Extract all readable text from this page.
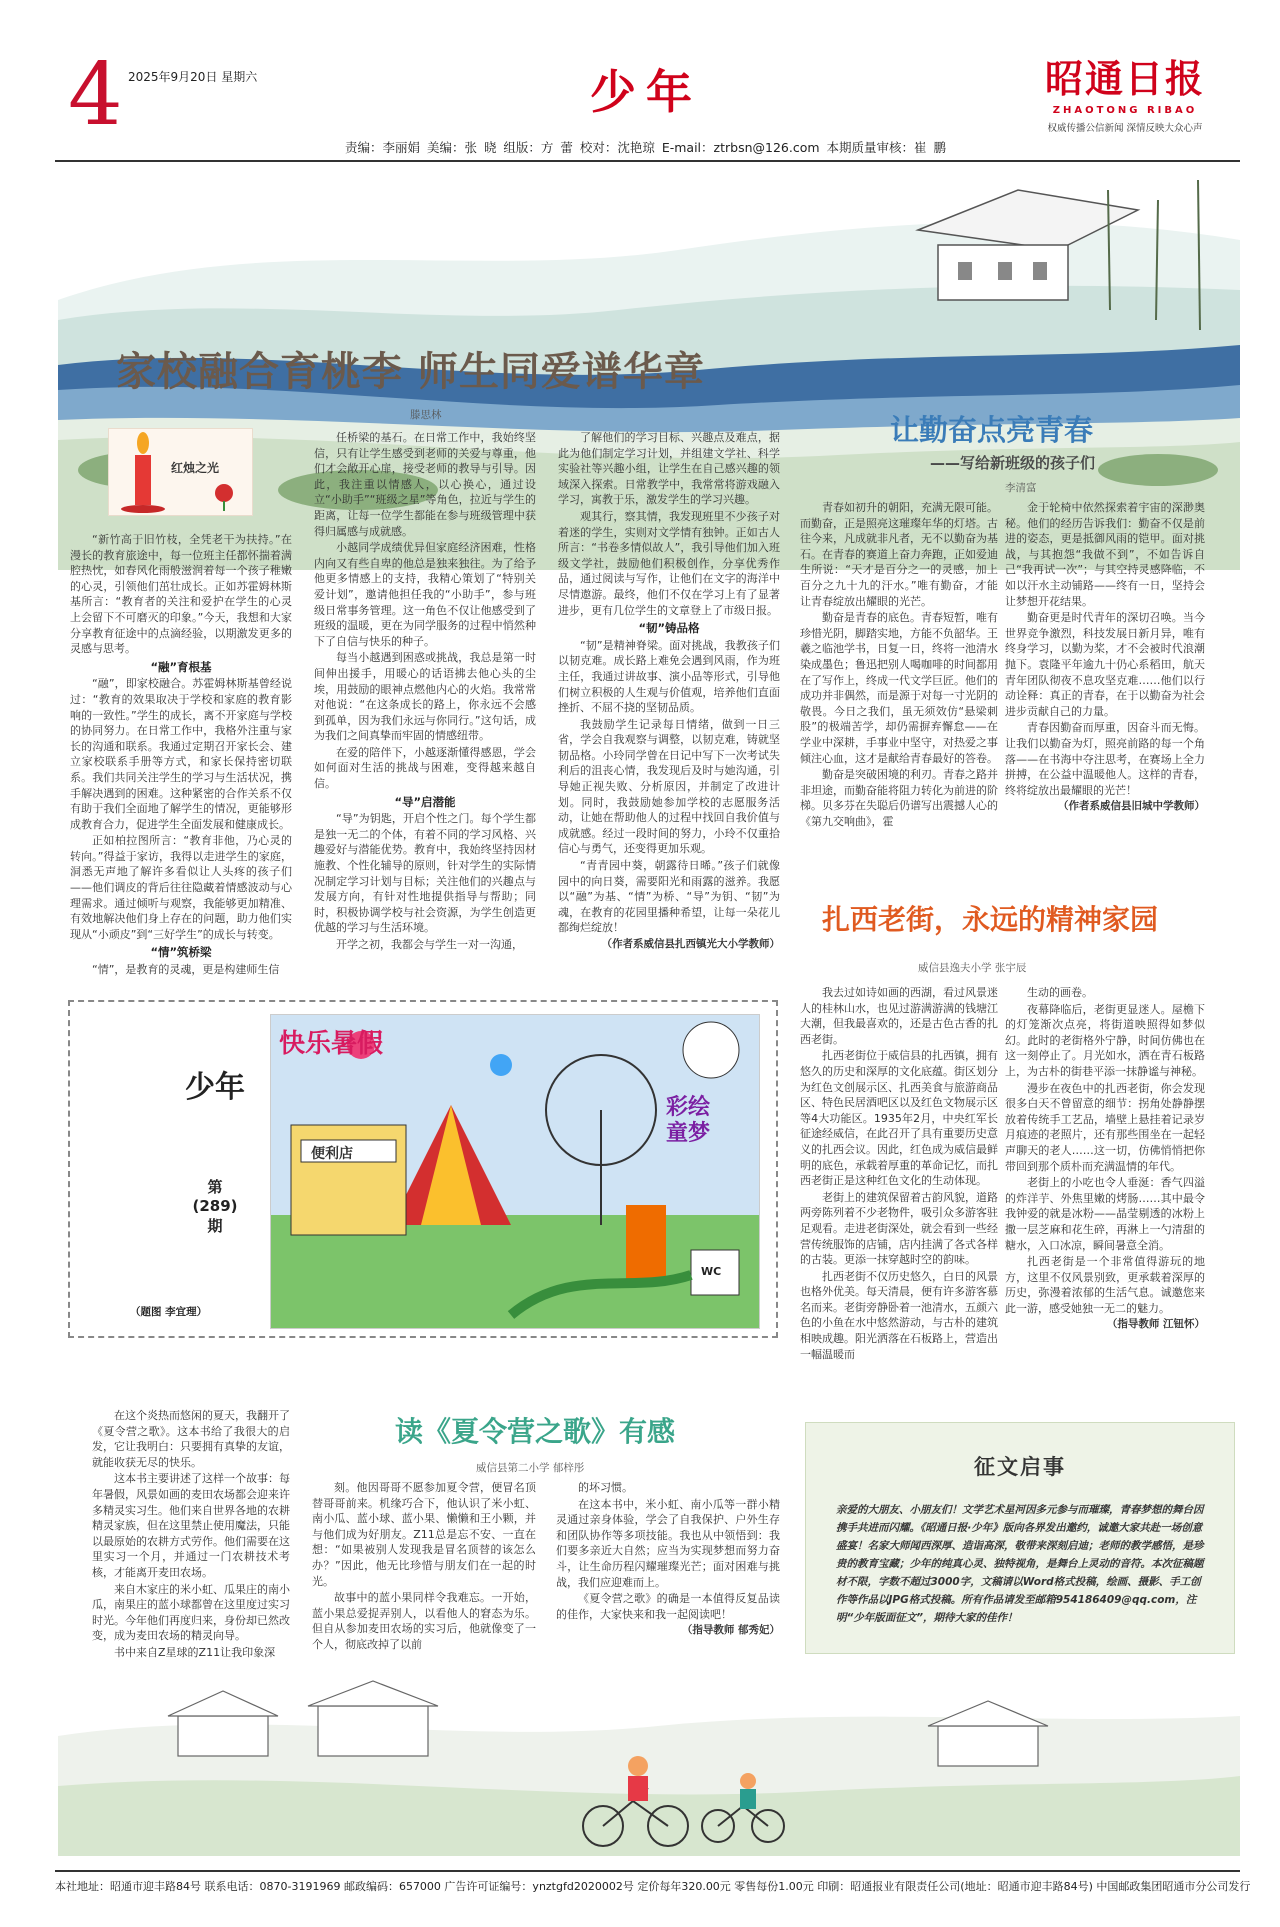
4 2025年9月20日 星期六	少年	昭通日报
ZHAOTONG RIBAO
权威传播公信新闻 深情反映大众心声
责编：李丽娟 美编：张 晓 组版：方 蕾 校对：沈艳琼 E-mail：ztrbsn@126.com 本期质量审核：崔 鹏
家校融合育桃李 师生同爱谱华章
滕思林
红烛之光

“新竹高于旧竹枝，全凭老干为扶持。”在漫长的教育旅途中，每一位班主任都怀揣着满腔热忱，如春风化雨般滋润着每一个孩子稚嫩的心灵，引领他们茁壮成长。正如苏霍姆林斯基所言：“教育者的关注和爱护在学生的心灵上会留下不可磨灭的印象。”今天，我想和大家分享教育征途中的点滴经验，以期激发更多的灵感与思考。

“融”育根基

“融”，即家校融合。苏霍姆林斯基曾经说过：“教育的效果取决于学校和家庭的教育影响的一致性。”学生的成长，离不开家庭与学校的协同努力。在日常工作中，我格外注重与家长的沟通和联系。我通过定期召开家长会、建立家校联系手册等方式，和家长保持密切联系。我们共同关注学生的学习与生活状况，携手解决遇到的困难。这种紧密的合作关系不仅有助于我们全面地了解学生的情况，更能够形成教育合力，促进学生全面发展和健康成长。

正如柏拉图所言：“教育非他，乃心灵的转向。”得益于家访，我得以走进学生的家庭，洞悉无声地了解许多看似让人头疼的孩子们——他们调皮的背后往往隐藏着情感波动与心理需求。通过倾听与观察，我能够更加精准、有效地解决他们身上存在的问题，助力他们实现从“小顽皮”到“三好学生”的成长与转变。

“情”筑桥梁

“情”，是教育的灵魂，更是构建师生信

任桥梁的基石。在日常工作中，我始终坚信，只有让学生感受到老师的关爱与尊重，他们才会敞开心扉，接受老师的教导与引导。因此，我注重以情感人，以心换心，通过设立“小助手”“班级之星”等角色，拉近与学生的距离，让每一位学生都能在参与班级管理中获得归属感与成就感。

小越同学成绩优异但家庭经济困难，性格内向又有些自卑的他总是独来独往。为了给予他更多情感上的支持，我精心策划了“特别关爱计划”，邀请他担任我的“小助手”，参与班级日常事务管理。这一角色不仅让他感受到了班级的温暖，更在为同学服务的过程中悄然种下了自信与快乐的种子。

每当小越遇到困惑或挑战，我总是第一时间伸出援手，用暖心的话语拂去他心头的尘埃，用鼓励的眼神点燃他内心的火焰。我常常对他说：“在这条成长的路上，你永远不会感到孤单，因为我们永远与你同行。”这句话，成为我们之间真挚而牢固的情感纽带。

在爱的陪伴下，小越逐渐懂得感恩，学会如何面对生活的挑战与困难，变得越来越自信。

“导”启潜能

“导”为钥匙，开启个性之门。每个学生都是独一无二的个体，有着不同的学习风格、兴趣爱好与潜能优势。教育中，我始终坚持因材施教、个性化辅导的原则，针对学生的实际情况制定学习计划与目标；关注他们的兴趣点与发展方向，有针对性地提供指导与帮助；同时，积极协调学校与社会资源，为学生创造更优越的学习与生活环境。

开学之初，我都会与学生一对一沟通，

了解他们的学习目标、兴趣点及难点，据此为他们制定学习计划，并组建文学社、科学实验社等兴趣小组，让学生在自己感兴趣的领域深入探索。日常教学中，我常常将游戏融入学习，寓教于乐，激发学生的学习兴趣。

观其行，察其情，我发现班里不少孩子对着迷的学生，实则对文学情有独钟。正如古人所言：“书卷多情似故人”，我引导他们加入班级文学社，鼓励他们积极创作，分享优秀作品，通过阅读与写作，让他们在文字的海洋中尽情遨游。最终，他们不仅在学习上有了显著进步，更有几位学生的文章登上了市级日报。

“韧”铸品格

“韧”是精神脊梁。面对挑战，我教孩子们以韧克难。成长路上难免会遇到风雨，作为班主任，我通过讲故事、演小品等形式，引导他们树立积极的人生观与价值观，培养他们直面挫折、不屈不挠的坚韧品质。

我鼓励学生记录每日情绪，做到一日三省，学会自我观察与调整，以韧克难，铸就坚韧品格。小玲同学曾在日记中写下一次考试失利后的沮丧心情，我发现后及时与她沟通，引导她正视失败、分析原因，并制定了改进计划。同时，我鼓励她参加学校的志愿服务活动，让她在帮助他人的过程中找回自我价值与成就感。经过一段时间的努力，小玲不仅重拾信心与勇气，还变得更加乐观。

“青青园中葵，朝露待日晞。”孩子们就像园中的向日葵，需要阳光和雨露的滋养。我愿以“融”为基、“情”为桥、“导”为钥、“韧”为魂，在教育的花园里播种希望，让每一朵花儿都绚烂绽放！

（作者系威信县扎西镇光大小学教师）

让勤奋点亮青春
——写给新班级的孩子们
李清富

青春如初升的朝阳，充满无限可能。而勤奋，正是照亮这璀璨年华的灯塔。古往今来，凡成就非凡者，无不以勤奋为基石。在青春的赛道上奋力奔跑，正如爱迪生所说：“天才是百分之一的灵感，加上百分之九十九的汗水。”唯有勤奋，才能让青春绽放出耀眼的光芒。

勤奋是青春的底色。青春短暂，唯有珍惜光阴，脚踏实地，方能不负韶华。王羲之临池学书，日复一日，终将一池清水染成墨色；鲁迅把别人喝咖啡的时间都用在了写作上，终成一代文学巨匠。他们的成功并非偶然，而是源于对每一寸光阴的敬畏。今日之我们，虽无须效仿“悬梁刺股”的极端苦学，却仍需摒弃懈怠——在学业中深耕，手事业中坚守，对热爱之事倾注心血，这才是献给青春最好的答卷。

勤奋是突破困境的利刃。青春之路并非坦途，而勤奋能将阻力转化为前进的阶梯。贝多芬在失聪后仍谱写出震撼人心的《第九交响曲》，霍

金于轮椅中依然探索着宇宙的深渺奥秘。他们的经历告诉我们：勤奋不仅是前进的姿态，更是抵御风雨的铠甲。面对挑战，与其抱怨“我做不到”，不如告诉自己“我再试一次”；与其空持灵感降临，不如以汗水主动铺路——终有一日，坚持会让梦想开花结果。

勤奋更是时代青年的深切召唤。当今世界竞争激烈，科技发展日新月异，唯有终身学习，以勤为桨，才不会被时代浪潮抛下。袁隆平年逾九十仍心系稻田，航天青年团队彻夜不息攻坚克难……他们以行动诠释：真正的青春，在于以勤奋为社会进步贡献自己的力量。

青春因勤奋而厚重，因奋斗而无悔。让我们以勤奋为灯，照亮前路的每一个角落——在书海中夺注思考，在赛场上全力拼搏，在公益中温暖他人。这样的青春，终将绽放出最耀眼的光芒！

（作者系威信县旧城中学教师）

少年
第
(289)
期
（题图 李宜理）
快乐暑假
彩绘童梦
便利店
WC
扎西老街，永远的精神家园
威信县逸夫小学 张宇辰

我去过如诗如画的西湖，看过风景迷人的桂林山水，也见过游满游满的钱塘江大潮，但我最喜欢的，还是古色古香的扎西老街。

扎西老街位于威信县的扎西镇，拥有悠久的历史和深厚的文化底蕴。街区划分为红色文创展示区、扎西美食与旅游商品区、特色民居酒吧区以及红色文物展示区等4大功能区。1935年2月，中央红军长征途经威信，在此召开了具有重要历史意义的扎西会议。因此，红色成为威信最鲜明的底色，承载着厚重的革命记忆，而扎西老街正是这种红色文化的生动体现。

老街上的建筑保留着古韵风貌，道路两旁陈列着不少老物件，吸引众多游客驻足观看。走进老街深处，就会看到一些经营传统服饰的店铺，店内挂满了各式各样的古装。更添一抹穿越时空的韵味。

扎西老街不仅历史悠久，白日的风景也格外优美。每天清晨，便有许多游客慕名而来。老街旁静卧着一池清水，五颜六色的小鱼在水中悠然游动，与古朴的建筑相映成趣。阳光洒落在石板路上，营造出一幅温暖而

生动的画卷。

夜幕降临后，老街更显迷人。屋檐下的灯笼渐次点亮，将街道映照得如梦似幻。此时的老街格外宁静，时间仿佛也在这一刻停止了。月光如水，洒在青石板路上，为古朴的街巷平添一抹静谧与神秘。

漫步在夜色中的扎西老街，你会发现很多白天不曾留意的细节：拐角处静静摆放着传统手工艺品，墙壁上悬挂着记录岁月痕迹的老照片，还有那些围坐在一起轻声聊天的老人……这一切，仿佛悄悄把你带回到那个质朴而充满温情的年代。

老街上的小吃也令人垂涎：香气四溢的炸洋芋、外焦里嫩的烤肠……其中最令我钟爱的就是冰粉——晶莹剔透的冰粉上撒一层芝麻和花生碎，再淋上一勺清甜的糖水，入口冰凉，瞬间暑意全消。

扎西老街是一个非常值得游玩的地方，这里不仅风景别致，更承载着深厚的历史，弥漫着浓郁的生活气息。诚邀您来此一游，感受她独一无二的魅力。

（指导教师 江钮怀）

读《夏令营之歌》有感
威信县第二小学 郁梓彤

在这个炎热而悠闲的夏天，我翻开了《夏令营之歌》。这本书给了我很大的启发，它让我明白：只要拥有真挚的友谊，就能收获无尽的快乐。

这本书主要讲述了这样一个故事：每年暑假，风景如画的麦田农场都会迎来许多精灵实习生。他们来自世界各地的农耕精灵家族，但在这里禁止使用魔法，只能以最原始的农耕方式劳作。他们需要在这里实习一个月，并通过一门农耕技术考核，才能离开麦田农场。

来自木家庄的米小虹、瓜果庄的南小瓜，南果庄的蓝小球都曾在这里度过实习时光。今年他们再度归来，身份却已然改变，成为麦田农场的精灵向导。

书中来自Z星球的Z11让我印象深

刻。他因哥哥不愿参加夏令营，便冒名顶替哥哥前来。机缘巧合下，他认识了米小虹、南小瓜、蓝小球、蓝小果、懒懒和王小颗，并与他们成为好朋友。Z11总是忘不安、一直在想：“如果被别人发现我是冒名顶替的该怎么办？”因此，他无比珍惜与朋友们在一起的时光。

故事中的蓝小果同样令我难忘。一开始，蓝小果总爱捉弄别人，以看他人的窘态为乐。但自从参加麦田农场的实习后，他就像变了一个人，彻底改掉了以前

的坏习惯。

在这本书中，米小虹、南小瓜等一群小精灵通过亲身体验，学会了自我保护、户外生存和团队协作等多项技能。我也从中领悟到：我们要多亲近大自然；应当为实现梦想而努力奋斗，让生命历程闪耀璀璨光芒；面对困难与挑战，我们应迎难而上。

《夏令营之歌》的确是一本值得反复品读的佳作，大家快来和我一起阅读吧！

（指导教师 郁秀妃）

征文启事
亲爱的大朋友、小朋友们！文学艺术星河因多元参与而璀璨，青春梦想的舞台因携手共进而闪耀。《昭通日报·少年》版向各界发出邀约，诚邀大家共赴一场创意盛宴！名家大师闻西深厚、造诣高深，敬带来深刻启迪；老师的教学感悟，是珍贵的教育宝藏；少年的纯真心灵、独特视角，是舞台上灵动的音符。本次征稿题材不限，字数不超过3000字，文稿请以Word格式投稿，绘画、摄影、手工创作等作品以JPG格式投稿。所有作品请发至邮箱954186409@qq.com，注明“少年版面征文”，期待大家的佳作！
本社地址：昭通市迎丰路84号 联系电话：0870-3191969 邮政编码：657000 广告许可证编号：ynztgfd2020002号 定价每年320.00元 零售每份1.00元 印刷：昭通报业有限责任公司(地址：昭通市迎丰路84号) 中国邮政集团昭通市分公司发行
